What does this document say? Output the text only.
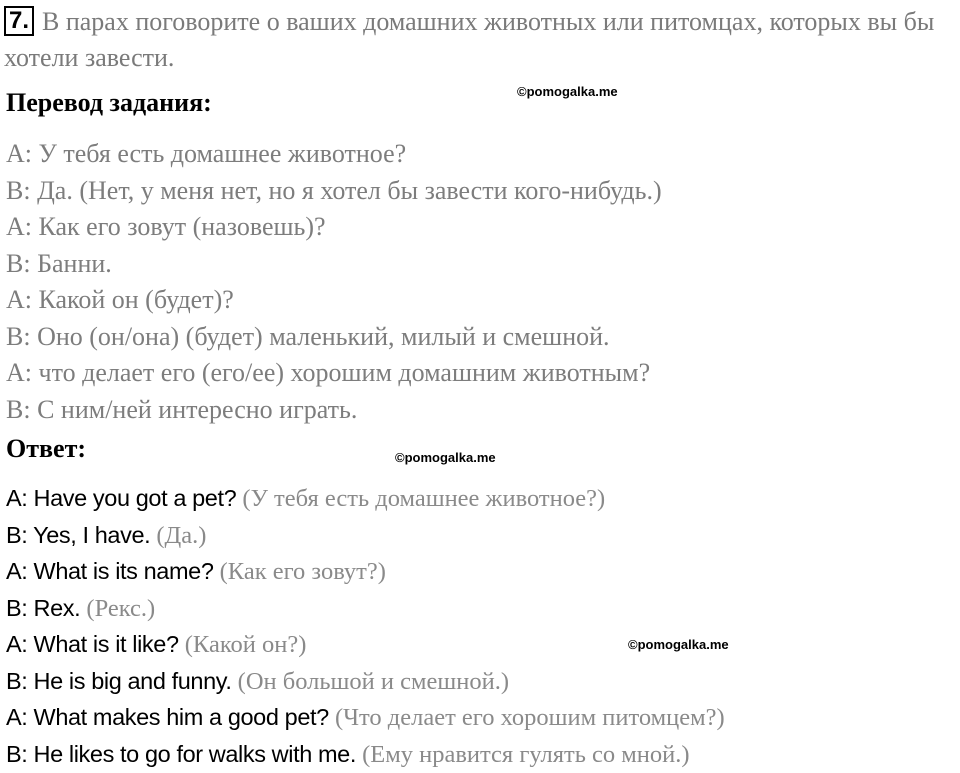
7. В парах поговорите о ваших домашних животных или питомцах, которых вы бы хотели завести.
Перевод задания:	©pomogalka.me
A: У тебя есть домашнее животное?
B: Да. (Нет, у меня нет, но я хотел бы завести кого-нибудь.)
A: Как его зовут (назовешь)?
B: Банни.
A: Какой он (будет)?
B: Оно (он/она) (будет) маленький, милый и смешной.
A: что делает его (его/ее) хорошим домашним животным?
B: С ним/ней интересно играть.
Ответ:	©pomogalka.me
A: Have you got a pet? (У тебя есть домашнее животное?)
B: Yes, I have. (Да.)
A: What is its name? (Как его зовут?)
B: Rex. (Рекс.)
A: What is it like? (Какой он?)
B: He is big and funny. (Он большой и смешной.)
A: What makes him a good pet? (Что делает его хорошим питомцем?)
B: He likes to go for walks with me. (Ему нравится гулять со мной.)
©pomogalka.me
